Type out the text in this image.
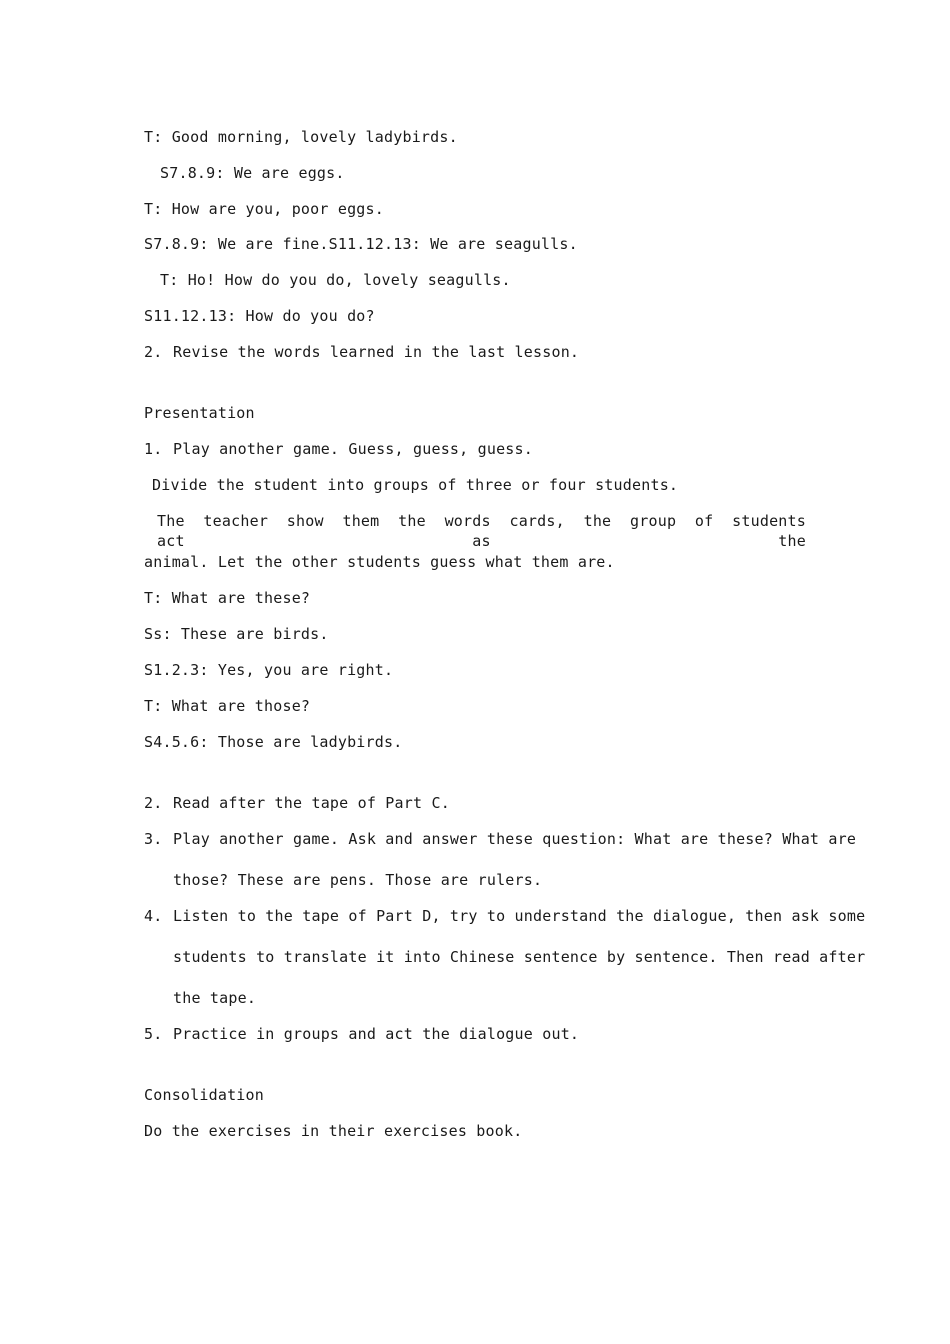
T: Good morning, lovely ladybirds.
S7.8.9: We are eggs.
T: How are you, poor eggs.
S7.8.9: We are fine.S11.12.13: We are seagulls.
T: Ho! How do you do, lovely seagulls.
S11.12.13: How do you do?
2. Revise the words learned in the last lesson.
Presentation
1. Play another game. Guess, guess, guess.
Divide the student into groups of three or four students.
The teacher show them the words cards, the group of students act as the
animal. Let the other students guess what them are.
T: What are these?
Ss: These are birds.
S1.2.3: Yes, you are right.
T: What are those?
S4.5.6: Those are ladybirds.
2. Read after the tape of Part C.
3. Play another game. Ask and answer these question: What are these? What are
those? These are pens. Those are rulers.
4. Listen to the tape of Part D, try to understand the dialogue, then ask some
students to translate it into Chinese sentence by sentence. Then read after
the tape.
5. Practice in groups and act the dialogue out.
Consolidation
Do the exercises in their exercises book.
